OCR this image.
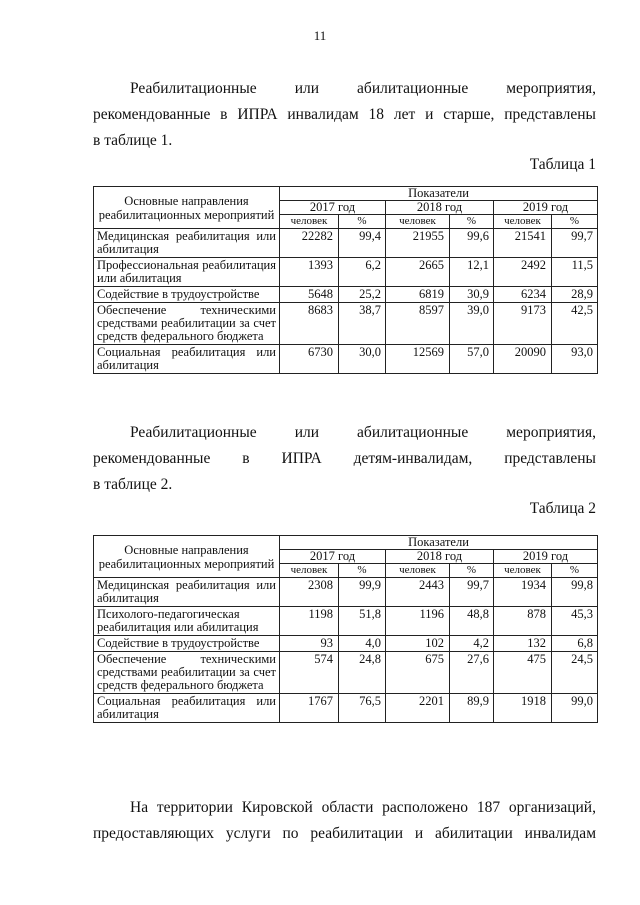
11
Реабилитационные или абилитационные мероприятия,
рекомендованные в ИПРА инвалидам 18 лет и старше, представлены
в таблице 1.
Таблица 1
Основные направления реабилитационных мероприятий	Показатели					
	2017 год		2018 год		2019 год	
	человек	%	человек	%	человек	%
Медицинская реабилитация или абилитация	22282	99,4	21955	99,6	21541	99,7
Профессиональная реабилитация или абилитация	1393	6,2	2665	12,1	2492	11,5
Содействие в трудоустройстве	5648	25,2	6819	30,9	6234	28,9
Обеспечение техническими средствами реабилитации за счет средств федерального бюджета	8683	38,7	8597	39,0	9173	42,5
Социальная реабилитация или абилитация	6730	30,0	12569	57,0	20090	93,0
Реабилитационные или абилитационные мероприятия,
рекомендованные в ИПРА детям-инвалидам, представлены
в таблице 2.
Таблица 2
Основные направления реабилитационных мероприятий	Показатели					
	2017 год		2018 год		2019 год	
	человек	%	человек	%	человек	%
Медицинская реабилитация или абилитация	2308	99,9	2443	99,7	1934	99,8
Психолого-педагогическая реабилитация или абилитация	1198	51,8	1196	48,8	878	45,3
Содействие в трудоустройстве	93	4,0	102	4,2	132	6,8
Обеспечение техническими средствами реабилитации за счет средств федерального бюджета	574	24,8	675	27,6	475	24,5
Социальная реабилитация или абилитация	1767	76,5	2201	89,9	1918	99,0
На территории Кировской области расположено 187 организаций,
предоставляющих услуги по реабилитации и абилитации инвалидам
